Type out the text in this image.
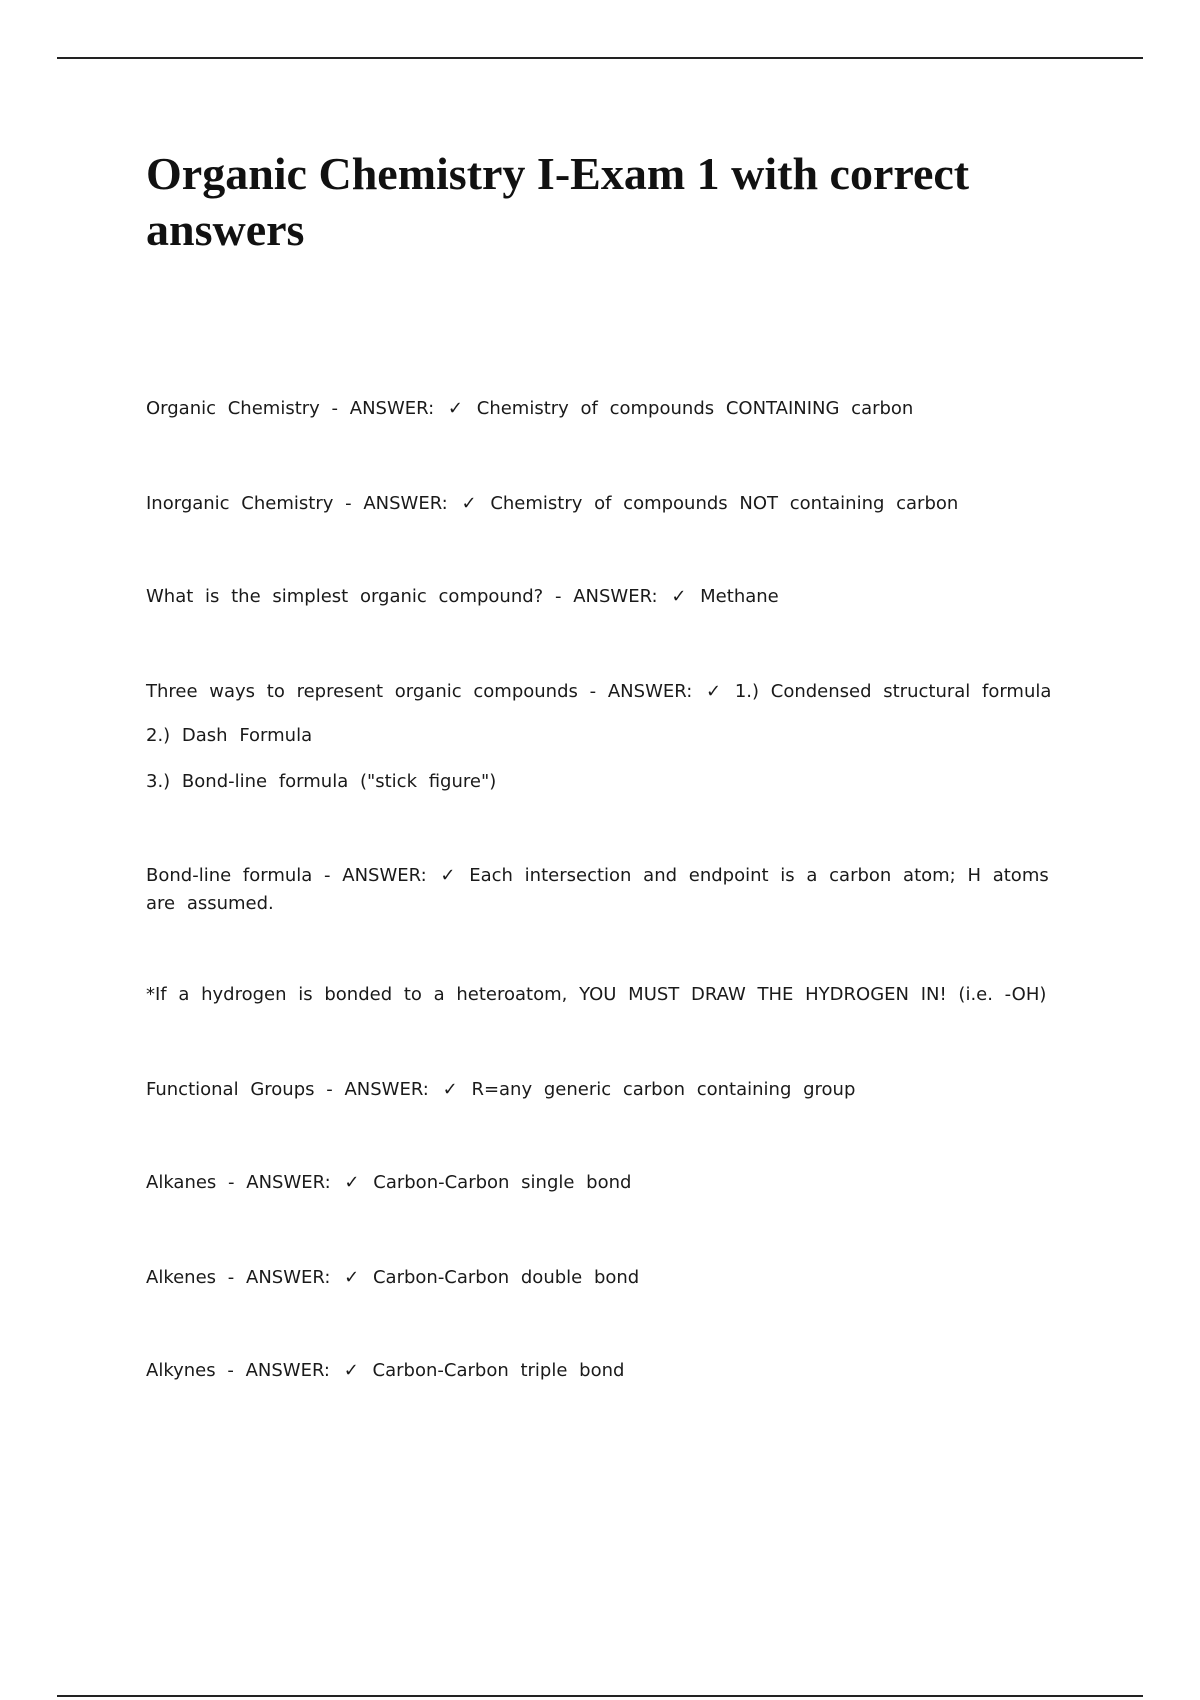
Organic Chemistry I-Exam 1 with correct answers

Organic Chemistry - ANSWER: ✓ Chemistry of compounds CONTAINING carbon

Inorganic Chemistry - ANSWER: ✓ Chemistry of compounds NOT containing carbon

What is the simplest organic compound? - ANSWER: ✓ Methane

Three ways to represent organic compounds - ANSWER: ✓ 1.) Condensed structural formula

2.) Dash Formula

3.) Bond-line formula ("stick figure")

Bond-line formula - ANSWER: ✓ Each intersection and endpoint is a carbon atom; H atoms are assumed.

*If a hydrogen is bonded to a heteroatom, YOU MUST DRAW THE HYDROGEN IN! (i.e. -OH)

Functional Groups - ANSWER: ✓ R=any generic carbon containing group

Alkanes - ANSWER: ✓ Carbon-Carbon single bond

Alkenes - ANSWER: ✓ Carbon-Carbon double bond

Alkynes - ANSWER: ✓ Carbon-Carbon triple bond
